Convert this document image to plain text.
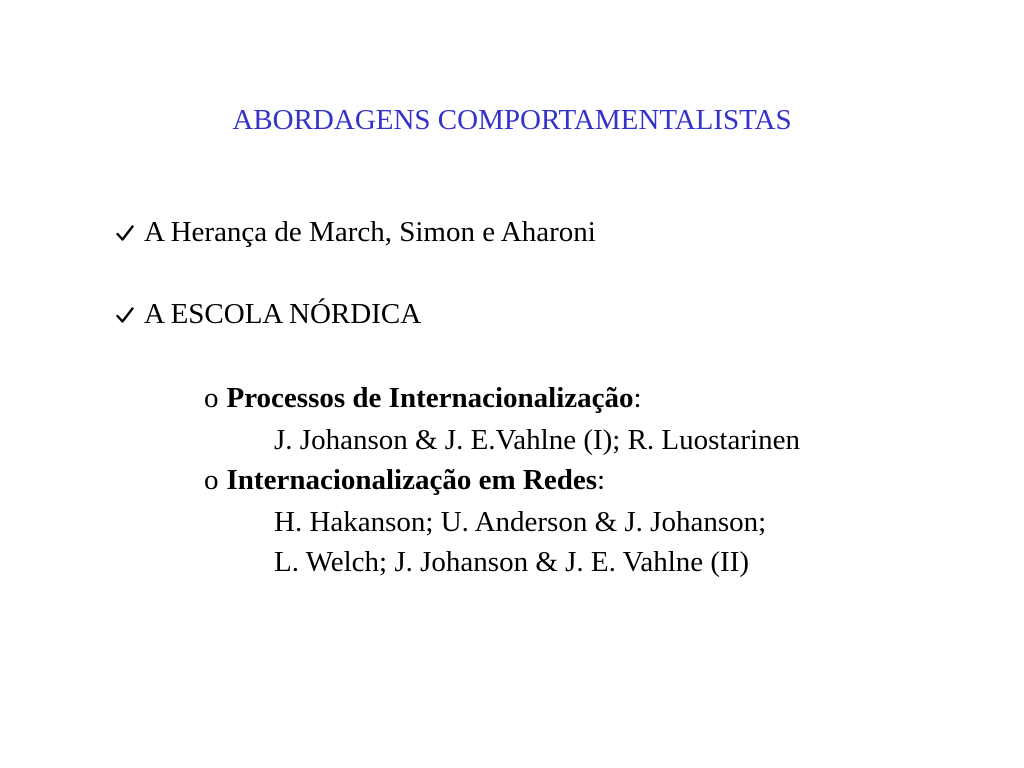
ABORDAGENS COMPORTAMENTALISTAS
A Herança de March, Simon e Aharoni
A ESCOLA NÓRDICA
o Processos de Internacionalização:
J. Johanson & J. E.Vahlne (I); R. Luostarinen
o Internacionalização em Redes:
H. Hakanson; U. Anderson & J. Johanson;
L. Welch; J. Johanson & J. E. Vahlne (II)
